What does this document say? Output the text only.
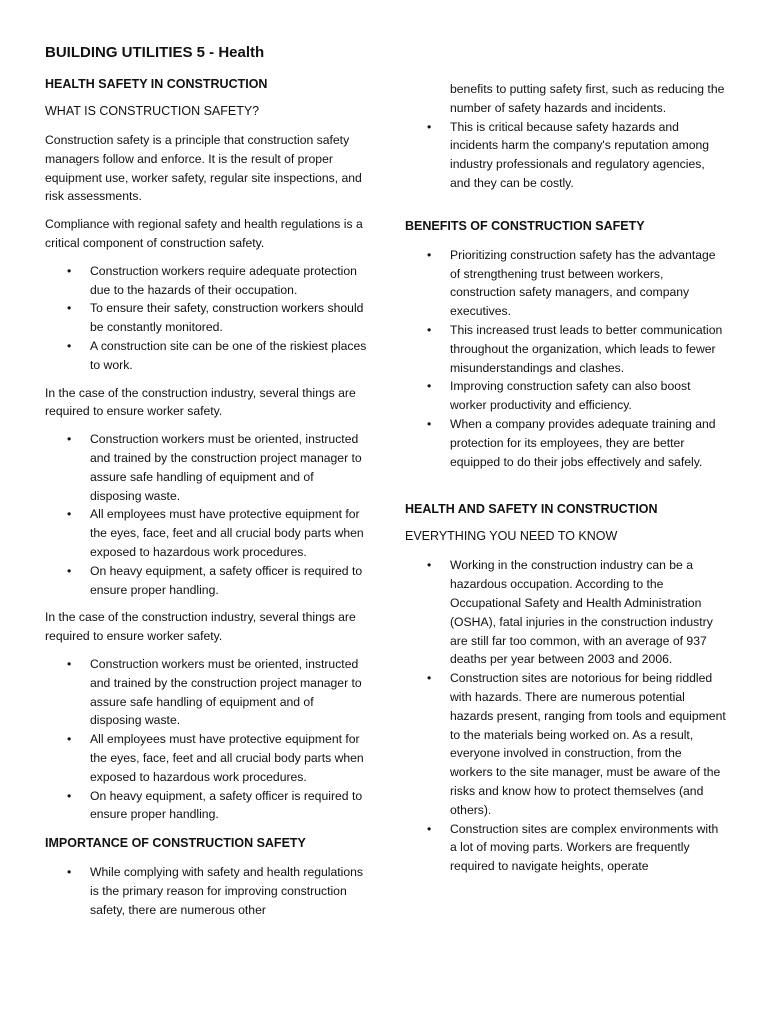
BUILDING UTILITIES 5 - Health
HEALTH SAFETY IN CONSTRUCTION
WHAT IS CONSTRUCTION SAFETY?

Construction safety is a principle that construction safety managers follow and enforce. It is the result of proper equipment use, worker safety, regular site inspections, and risk assessments.

Compliance with regional safety and health regulations is a critical component of construction safety.

• Construction workers require adequate protection due to the hazards of their occupation.
• To ensure their safety, construction workers should be constantly monitored.
• A construction site can be one of the riskiest places to work.

In the case of the construction industry, several things are required to ensure worker safety.

• Construction workers must be oriented, instructed and trained by the construction project manager to assure safe handling of equipment and of disposing waste.
• All employees must have protective equipment for the eyes, face, feet and all crucial body parts when exposed to hazardous work procedures.
• On heavy equipment, a safety officer is required to ensure proper handling.

In the case of the construction industry, several things are required to ensure worker safety.

• Construction workers must be oriented, instructed and trained by the construction project manager to assure safe handling of equipment and of disposing waste.
• All employees must have protective equipment for the eyes, face, feet and all crucial body parts when exposed to hazardous work procedures.
• On heavy equipment, a safety officer is required to ensure proper handling.
IMPORTANCE OF CONSTRUCTION SAFETY
• While complying with safety and health regulations is the primary reason for improving construction safety, there are numerous other
benefits to putting safety first, such as reducing the number of safety hazards and incidents.
• This is critical because safety hazards and incidents harm the company's reputation among industry professionals and regulatory agencies, and they can be costly.
BENEFITS OF CONSTRUCTION SAFETY
• Prioritizing construction safety has the advantage of strengthening trust between workers, construction safety managers, and company executives.
• This increased trust leads to better communication throughout the organization, which leads to fewer misunderstandings and clashes.
• Improving construction safety can also boost worker productivity and efficiency.
• When a company provides adequate training and protection for its employees, they are better equipped to do their jobs effectively and safely.
HEALTH AND SAFETY IN CONSTRUCTION
EVERYTHING YOU NEED TO KNOW
• Working in the construction industry can be a hazardous occupation. According to the Occupational Safety and Health Administration (OSHA), fatal injuries in the construction industry are still far too common, with an average of 937 deaths per year between 2003 and 2006.
• Construction sites are notorious for being riddled with hazards. There are numerous potential hazards present, ranging from tools and equipment to the materials being worked on. As a result, everyone involved in construction, from the workers to the site manager, must be aware of the risks and know how to protect themselves (and others).
• Construction sites are complex environments with a lot of moving parts. Workers are frequently required to navigate heights, operate
